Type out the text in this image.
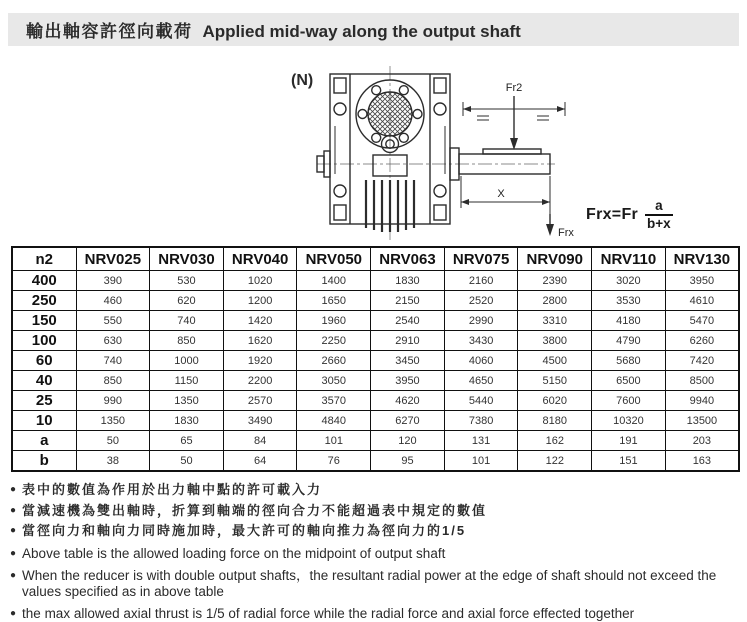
輸出軸容許徑向載荷 Applied mid-way along the output shaft
(N)	Fr2
X
Frx
$Frx=Fr \frac{a}{b+x}$
n2	NRV025	NRV030	NRV040	NRV050	NRV063	NRV075	NRV090	NRV110	NRV130
400	390	530	1020	1400	1830	2160	2390	3020	3950
250	460	620	1200	1650	2150	2520	2800	3530	4610
150	550	740	1420	1960	2540	2990	3310	4180	5470
100	630	850	1620	2250	2910	3430	3800	4790	6260
60	740	1000	1920	2660	3450	4060	4500	5680	7420
40	850	1150	2200	3050	3950	4650	5150	6500	8500
25	990	1350	2570	3570	4620	5440	6020	7600	9940
10	1350	1830	3490	4840	6270	7380	8180	10320	13500
a	50	65	84	101	120	131	162	191	203
b	38	50	64	76	95	101	122	151	163
● 表中的數值為作用於出力軸中點的許可載入力
● 當減速機為雙出軸時，折算到軸端的徑向合力不能超過表中規定的數值
● 當徑向力和軸向力同時施加時，最大許可的軸向推力為徑向力的1/5
● Above table is the allowed loading force on the midpoint of output shaft
● When the reducer is with double output shafts，the resultant radial power at the edge of shaft should not exceed the values specified as in above table
● the max allowed axial thrust is 1/5 of radial force while the radial force and axial force effected together
